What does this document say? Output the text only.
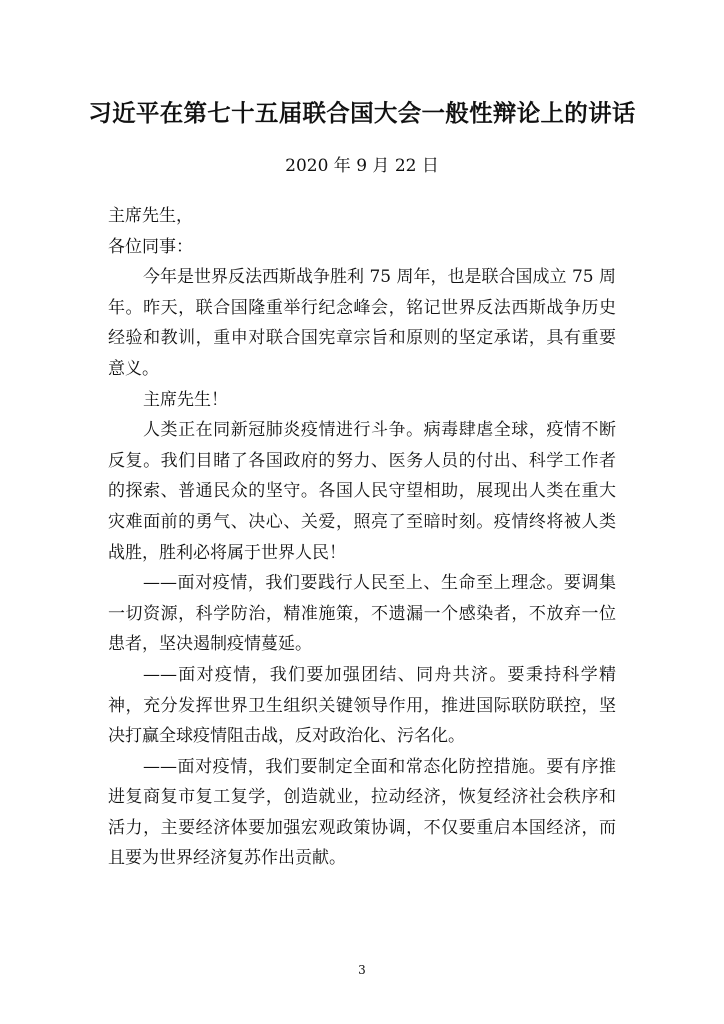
习近平在第七十五届联合国大会一般性辩论上的讲话
2020 年 9 月 22 日

主席先生，

各位同事：

今年是世界反法西斯战争胜利 75 周年，也是联合国成立 75 周年。昨天，联合国隆重举行纪念峰会，铭记世界反法西斯战争历史经验和教训，重申对联合国宪章宗旨和原则的坚定承诺，具有重要意义。

主席先生！

人类正在同新冠肺炎疫情进行斗争。病毒肆虐全球，疫情不断反复。我们目睹了各国政府的努力、医务人员的付出、科学工作者的探索、普通民众的坚守。各国人民守望相助，展现出人类在重大灾难面前的勇气、决心、关爱，照亮了至暗时刻。疫情终将被人类战胜，胜利必将属于世界人民！

——面对疫情，我们要践行人民至上、生命至上理念。要调集一切资源，科学防治，精准施策，不遗漏一个感染者，不放弃一位患者，坚决遏制疫情蔓延。

——面对疫情，我们要加强团结、同舟共济。要秉持科学精神，充分发挥世界卫生组织关键领导作用，推进国际联防联控，坚决打赢全球疫情阻击战，反对政治化、污名化。

——面对疫情，我们要制定全面和常态化防控措施。要有序推进复商复市复工复学，创造就业，拉动经济，恢复经济社会秩序和活力，主要经济体要加强宏观政策协调，不仅要重启本国经济，而且要为世界经济复苏作出贡献。

3
